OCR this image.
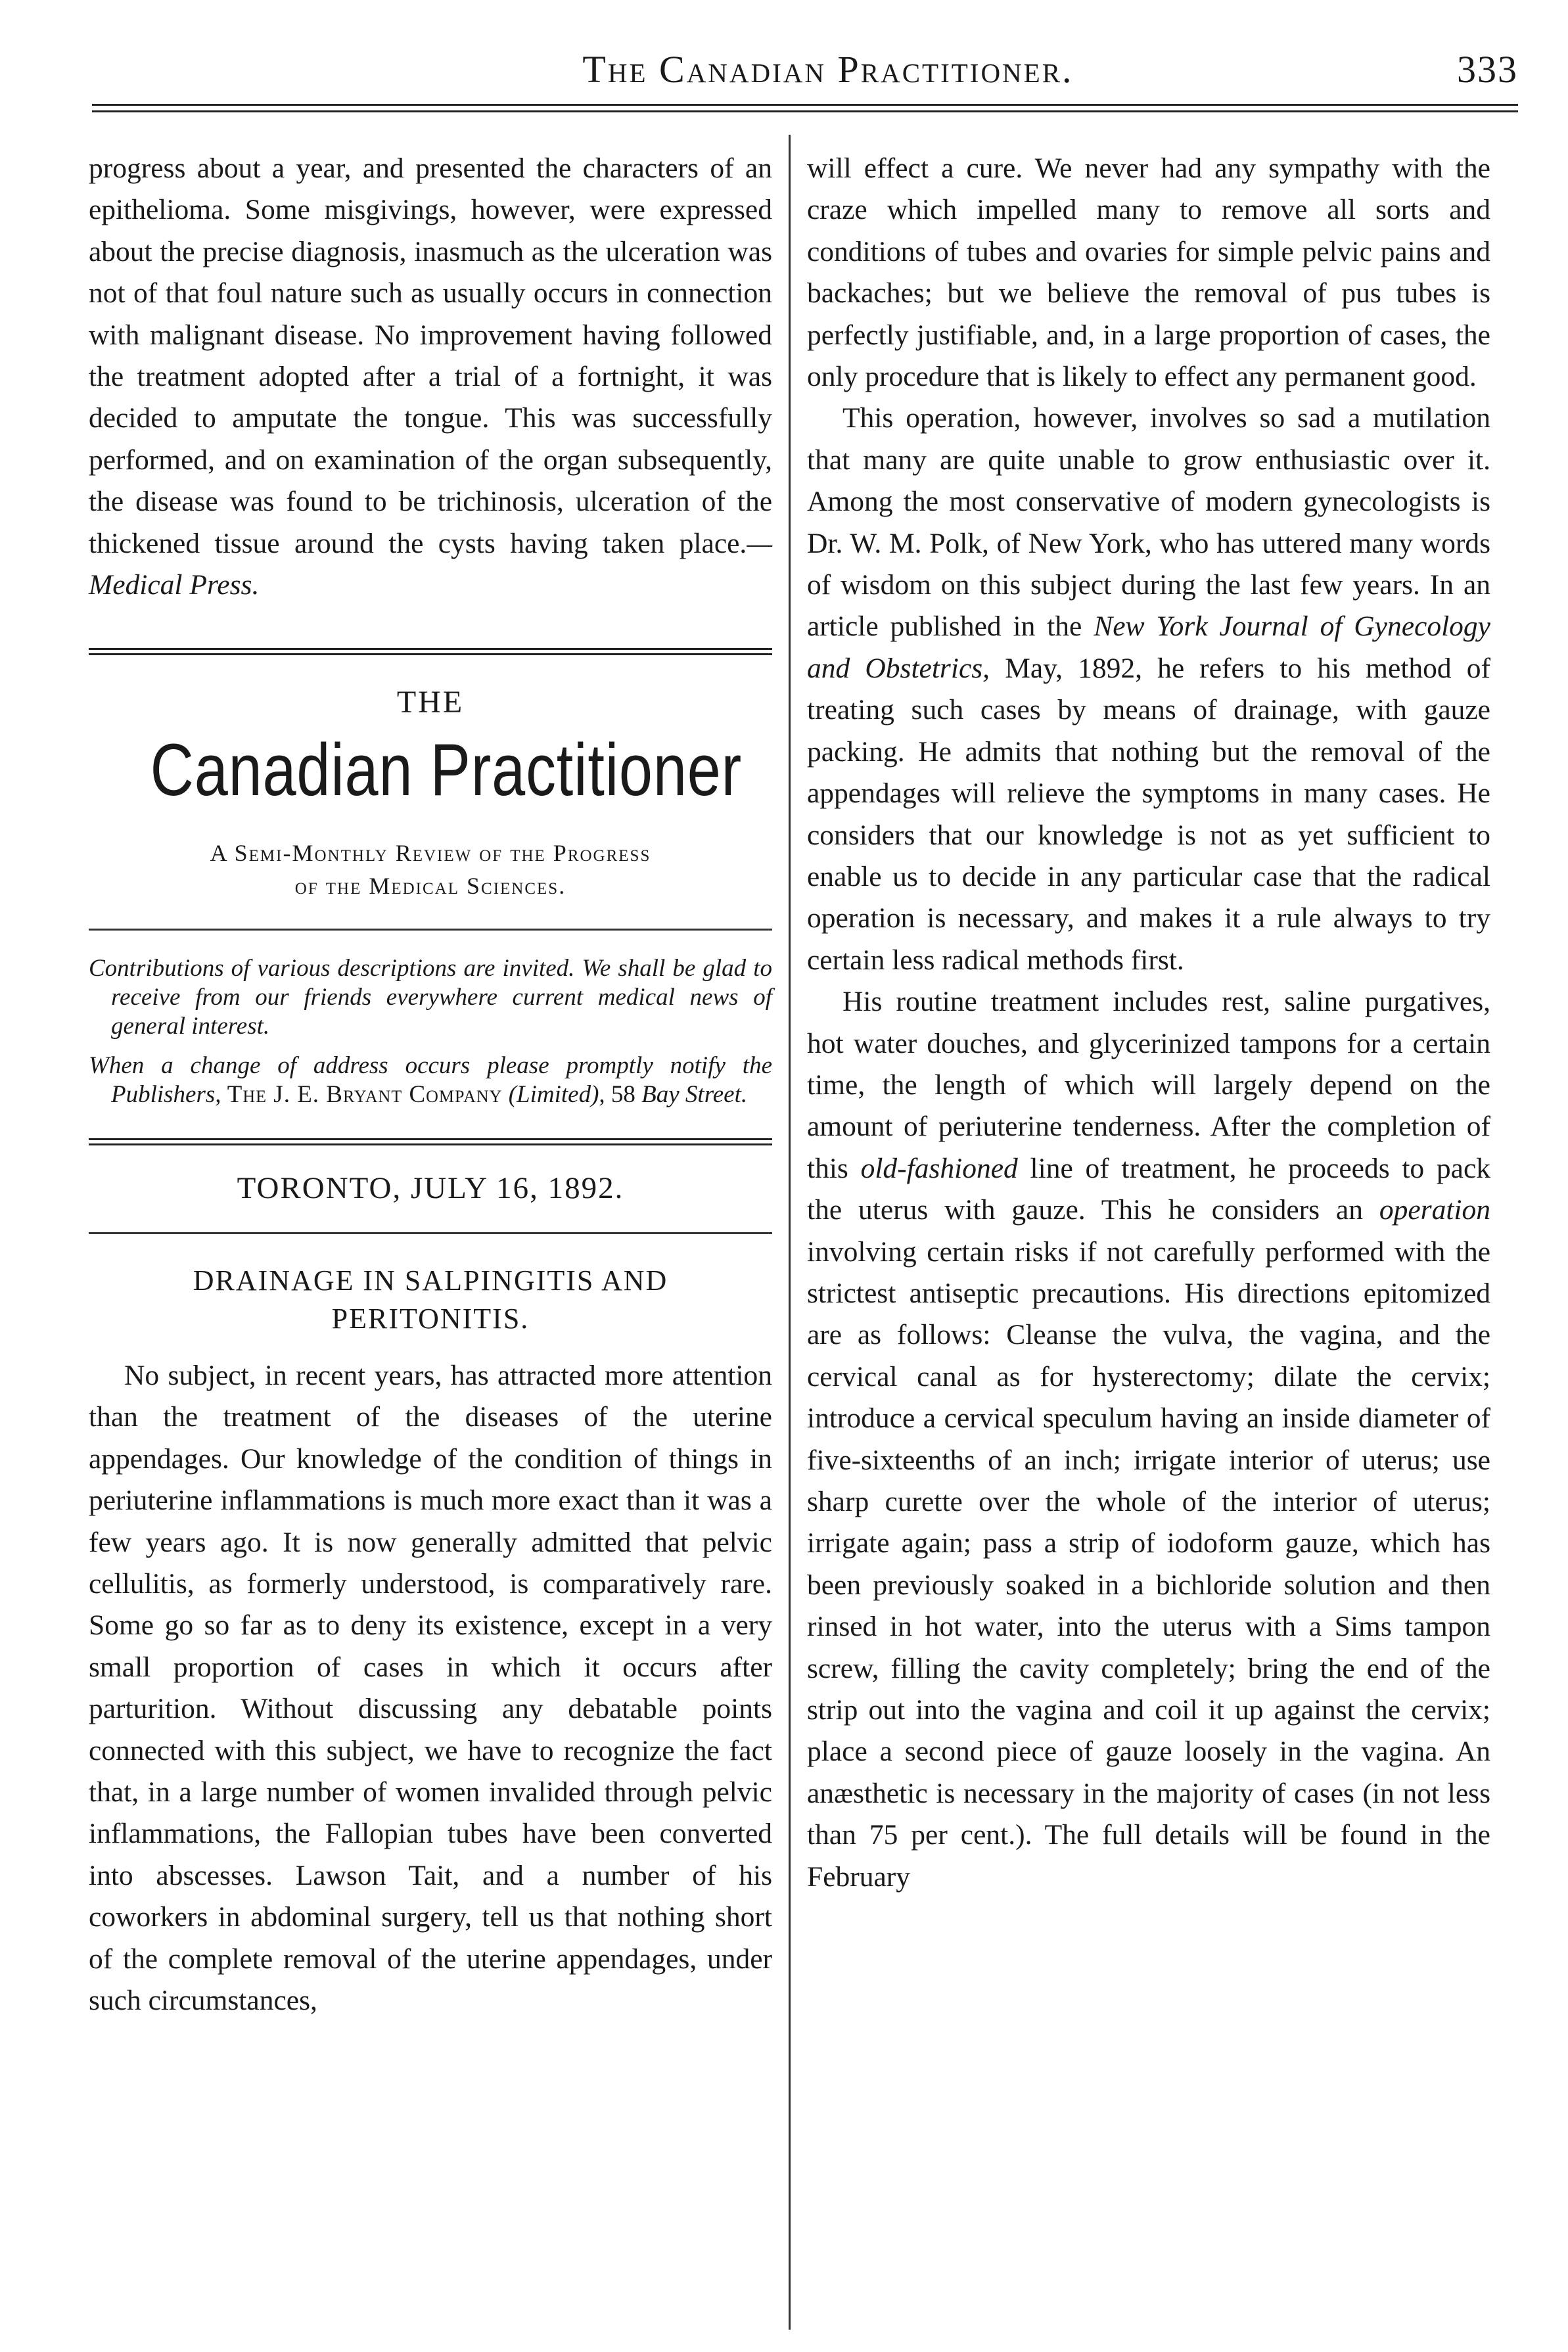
The Canadian Practitioner.	333

progress about a year, and presented the characters of an epithelioma. Some misgivings, however, were expressed about the precise diagnosis, inasmuch as the ulceration was not of that foul nature such as usually occurs in connection with malignant disease. No improvement having followed the treatment adopted after a trial of a fortnight, it was decided to amputate the tongue. This was successfully performed, and on examination of the organ subsequently, the disease was found to be trichinosis, ulceration of the thickened tissue around the cysts having taken place.—Medical Press.

THE

Canadian Practitioner

A Semi-Monthly Review of the Progress

of the Medical Sciences.

Contributions of various descriptions are invited. We shall be glad to receive from our friends everywhere current medical news of general interest.
When a change of address occurs please promptly notify the Publishers, The J. E. Bryant Company (Limited), 58 Bay Street.

TORONTO, JULY 16, 1892.

DRAINAGE IN SALPINGITIS AND

PERITONITIS.

No subject, in recent years, has attracted more attention than the treatment of the diseases of the uterine appendages. Our knowledge of the condition of things in periuterine inflammations is much more exact than it was a few years ago. It is now generally admitted that pelvic cellulitis, as formerly understood, is comparatively rare. Some go so far as to deny its existence, except in a very small proportion of cases in which it occurs after parturition. Without discussing any debatable points connected with this subject, we have to recognize the fact that, in a large number of women invalided through pelvic inflammations, the Fallopian tubes have been converted into abscesses. Lawson Tait, and a number of his coworkers in abdominal surgery, tell us that nothing short of the complete removal of the uterine appendages, under such circumstances,

will effect a cure. We never had any sympathy with the craze which impelled many to remove all sorts and conditions of tubes and ovaries for simple pelvic pains and backaches; but we believe the removal of pus tubes is perfectly justifiable, and, in a large proportion of cases, the only procedure that is likely to effect any permanent good.

This operation, however, involves so sad a mutilation that many are quite unable to grow enthusiastic over it. Among the most conservative of modern gynecologists is Dr. W. M. Polk, of New York, who has uttered many words of wisdom on this subject during the last few years. In an article published in the New York Journal of Gynecology and Obstetrics, May, 1892, he refers to his method of treating such cases by means of drainage, with gauze packing. He admits that nothing but the removal of the appendages will relieve the symptoms in many cases. He considers that our knowledge is not as yet sufficient to enable us to decide in any particular case that the radical operation is necessary, and makes it a rule always to try certain less radical methods first.

His routine treatment includes rest, saline purgatives, hot water douches, and glycerinized tampons for a certain time, the length of which will largely depend on the amount of periuterine tenderness. After the completion of this old-fashioned line of treatment, he proceeds to pack the uterus with gauze. This he considers an operation involving certain risks if not carefully performed with the strictest antiseptic precautions. His directions epitomized are as follows: Cleanse the vulva, the vagina, and the cervical canal as for hysterectomy; dilate the cervix; introduce a cervical speculum having an inside diameter of five-sixteenths of an inch; irrigate interior of uterus; use sharp curette over the whole of the interior of uterus; irrigate again; pass a strip of iodoform gauze, which has been previously soaked in a bichloride solution and then rinsed in hot water, into the uterus with a Sims tampon screw, filling the cavity completely; bring the end of the strip out into the vagina and coil it up against the cervix; place a second piece of gauze loosely in the vagina. An anæsthetic is necessary in the majority of cases (in not less than 75 per cent.). The full details will be found in the February
